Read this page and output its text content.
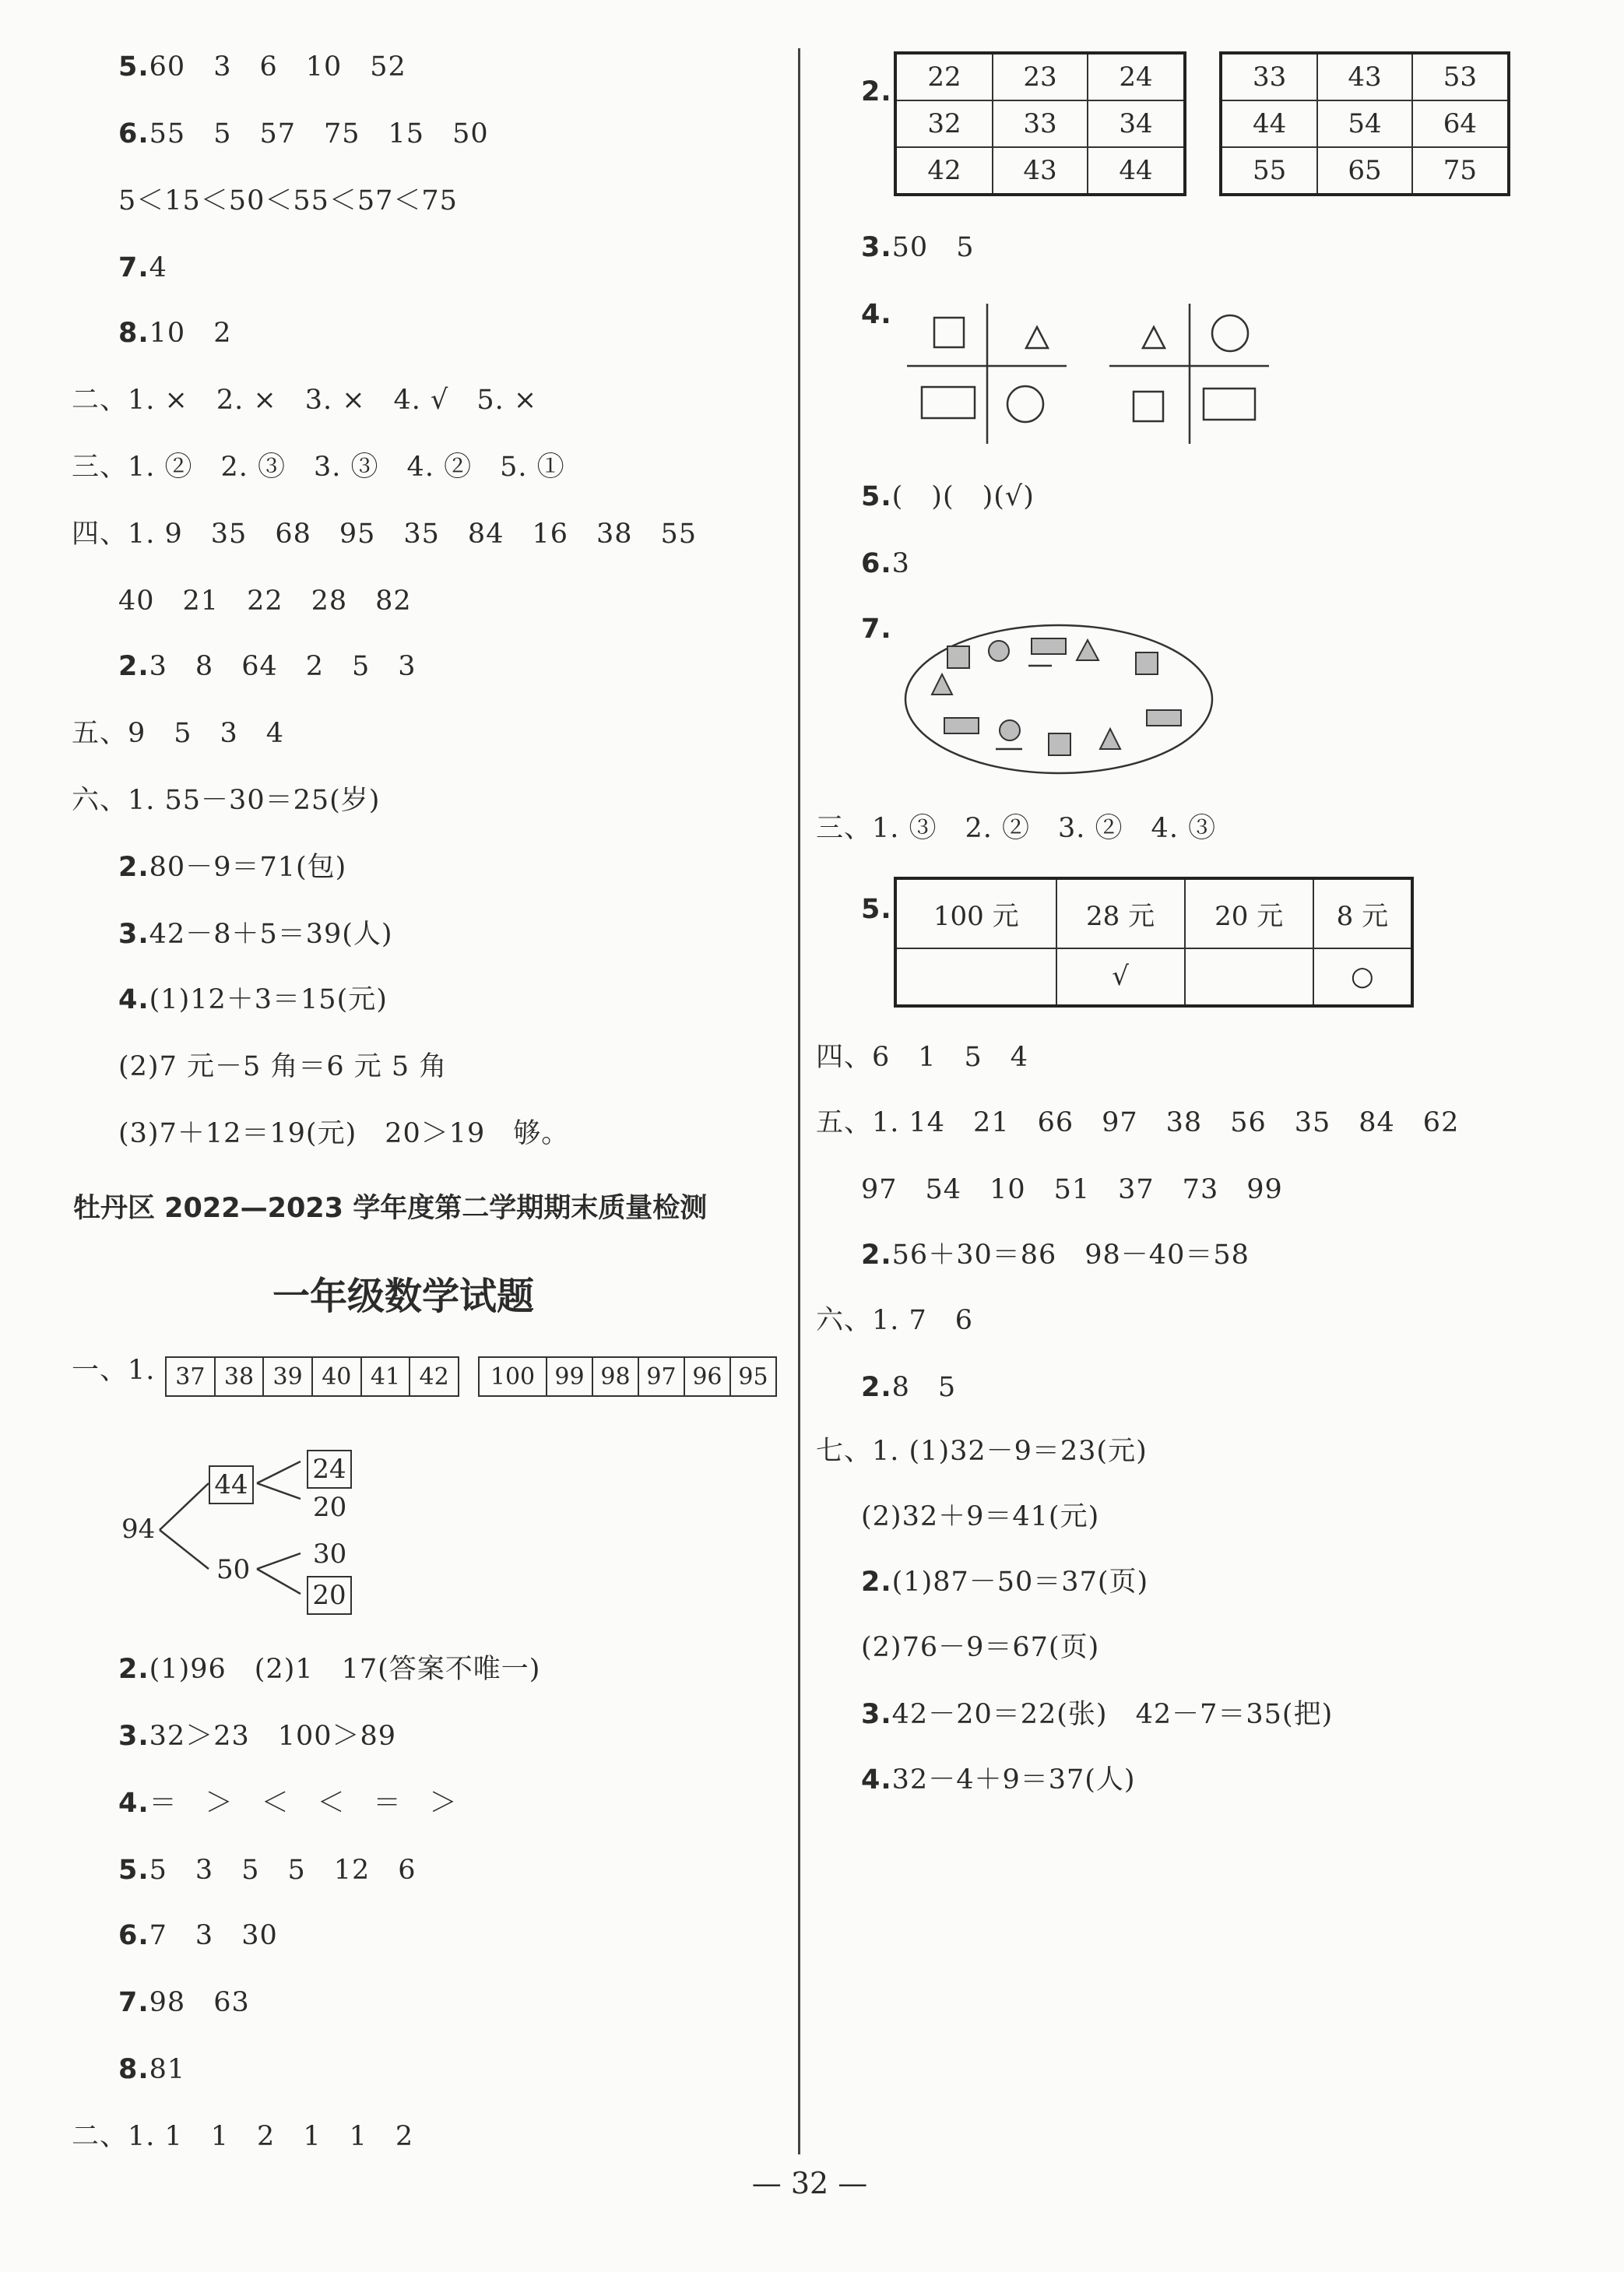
5.60　3　6　10　52
6.55　5　57　75　15　50
5＜15＜50＜55＜57＜75
7.4
8.10　2
二、1. ×　2. ×　3. ×　4. √　5. ×
三、1. ②　2. ③　3. ③　4. ②　5. ①
四、1. 9　35　68　95　35　84　16　38　55
40　21　22　28　82
2.3　8　64　2　5　3
五、9　5　3　4
六、1. 55－30＝25(岁)
2.80－9＝71(包)
3.42－8＋5＝39(人)
4.(1)12＋3＝15(元)
(2)7 元－5 角＝6 元 5 角
(3)7＋12＝19(元)　20＞19　够。
牡丹区 2022—2023 学年度第二学期期末质量检测
一年级数学试题
一、1. 37	38	39	40	41	42 100	99	98	97	96	95
94
44 24
20
50 30
20
2.(1)96　(2)1　17(答案不唯一)
3.32＞23　100＞89
4.＝　＞　＜　＜　＝　＞
5.5　3　5　5　12　6
6.7　3　30
7.98　63
8.81
二、1. 1　1　2　1　1　2
2. 22	23	24
32	33	34
42	43	44
33	43	53
44	54	64
55	65	75
3.50　5
4.
5.(　)(　)(√)
6.3
7.
三、1. ③　2. ②　3. ②　4. ③
5. 100 元	28 元	20 元	8 元
	√		○
四、6　1　5　4
五、1. 14　21　66　97　38　56　35　84　62
97　54　10　51　37　73　99
2.56＋30＝86　98－40＝58
六、1. 7　6
2.8　5
七、1. (1)32－9＝23(元)
(2)32＋9＝41(元)
2.(1)87－50＝37(页)
(2)76－9＝67(页)
3.42－20＝22(张)　42－7＝35(把)
4.32－4＋9＝37(人)
— 32 —
